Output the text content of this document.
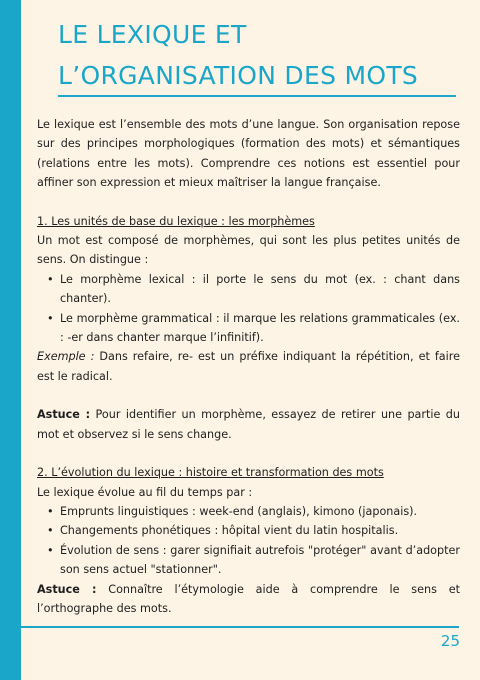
LE LEXIQUE ET
L’ORGANISATION DES MOTS

Le lexique est l’ensemble des mots d’une langue. Son organisation repose sur des principes morphologiques (formation des mots) et sémantiques (relations entre les mots). Comprendre ces notions est essentiel pour affiner son expression et mieux maîtriser la langue française.

1. Les unités de base du lexique : les morphèmes

Un mot est composé de morphèmes, qui sont les plus petites unités de sens. On distingue :

• Le morphème lexical : il porte le sens du mot (ex. : chant dans chanter).
• Le morphème grammatical : il marque les relations grammaticales (ex. : -er dans chanter marque l’infinitif).

Exemple : Dans refaire, re- est un préfixe indiquant la répétition, et faire est le radical.

Astuce : Pour identifier un morphème, essayez de retirer une partie du mot et observez si le sens change.

2. L’évolution du lexique : histoire et transformation des mots

Le lexique évolue au fil du temps par :

• Emprunts linguistiques : week-end (anglais), kimono (japonais).
• Changements phonétiques : hôpital vient du latin hospitalis.
• Évolution de sens : garer signifiait autrefois "protéger" avant d’adopter son sens actuel "stationner".

Astuce : Connaître l’étymologie aide à comprendre le sens et l’orthographe des mots.

25
